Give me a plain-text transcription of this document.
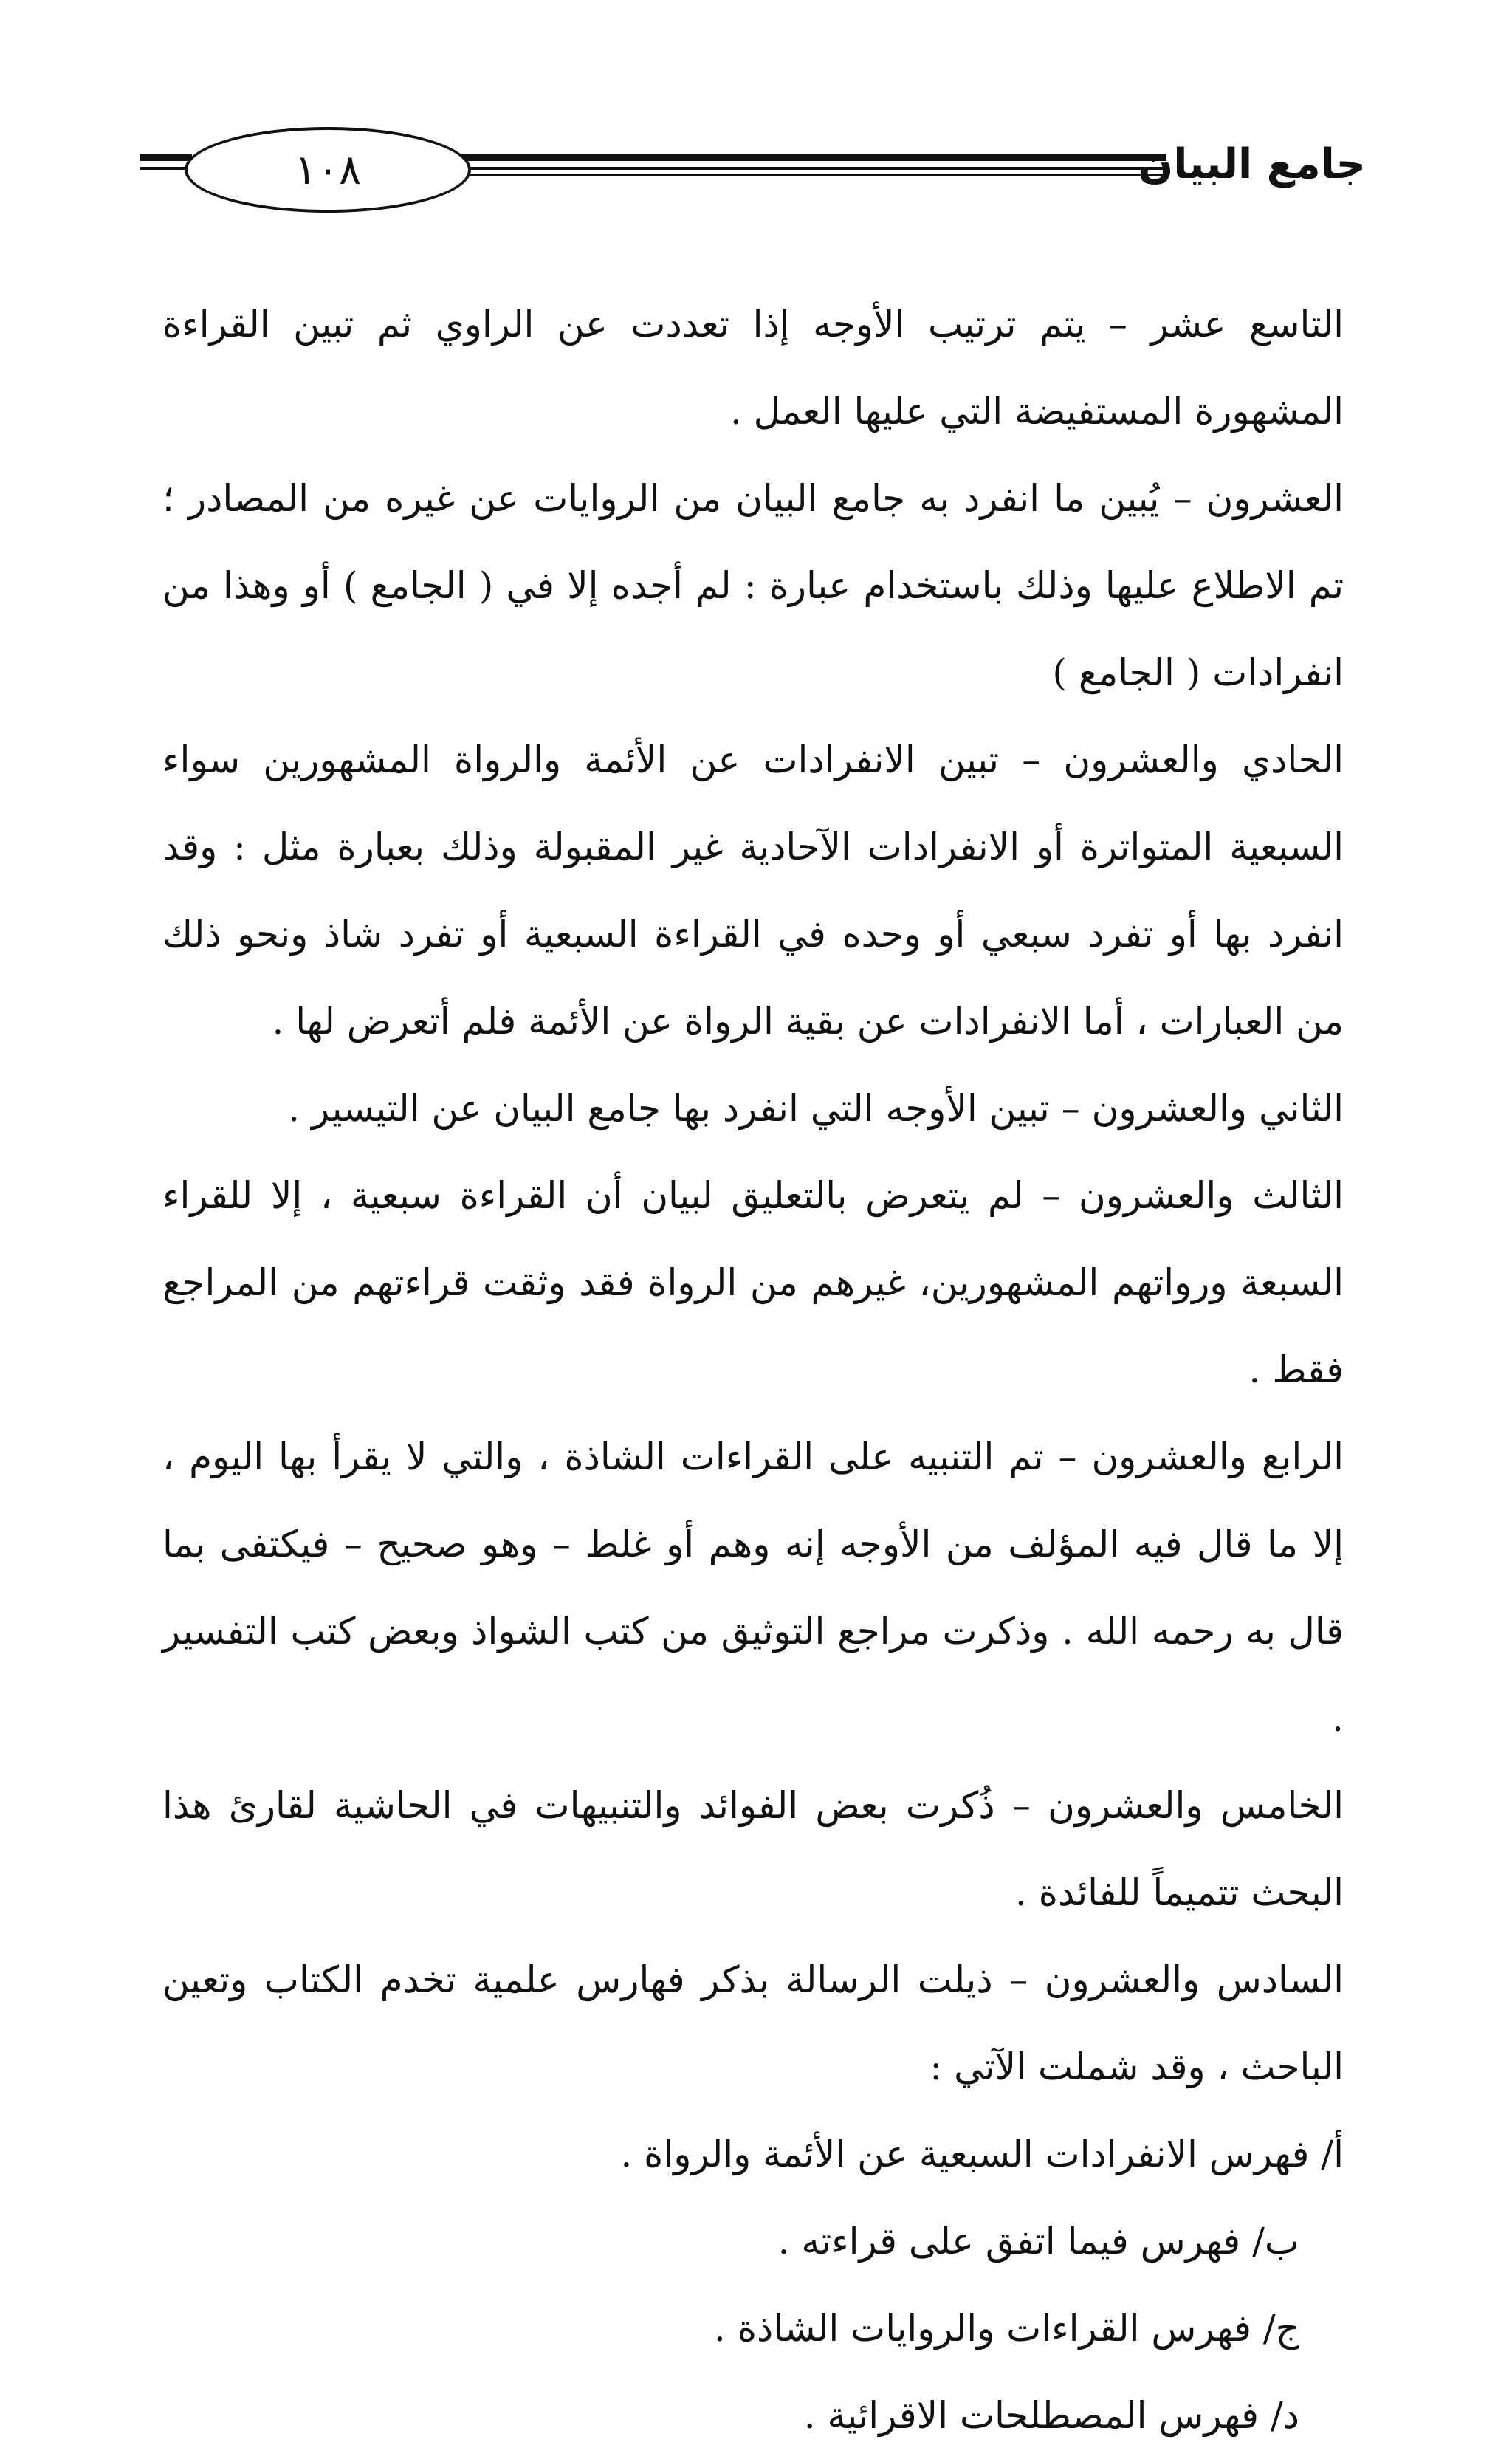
١٠٨	جامع البيان

التاسع عشر – يتم ترتيب الأوجه إذا تعددت عن الراوي ثم تبين القراءة المشهورة المستفيضة التي عليها العمل .

العشرون – يُبين ما انفرد به جامع البيان من الروايات عن غيره من المصادر ؛ تم الاطلاع عليها وذلك باستخدام عبارة : لم أجده إلا في ( الجامع ) أو وهذا من انفرادات ( الجامع )

الحادي والعشرون – تبين الانفرادات عن الأئمة والرواة المشهورين سواء السبعية المتواترة أو الانفرادات الآحادية غير المقبولة وذلك بعبارة مثل : وقد انفرد بها أو تفرد سبعي أو وحده في القراءة السبعية أو تفرد شاذ ونحو ذلك من العبارات ، أما الانفرادات عن بقية الرواة عن الأئمة فلم أتعرض لها .

الثاني والعشرون – تبين الأوجه التي انفرد بها جامع البيان عن التيسير .

الثالث والعشرون – لم يتعرض بالتعليق لبيان أن القراءة سبعية ، إلا للقراء السبعة ورواتهم المشهورين، غيرهم من الرواة فقد وثقت قراءتهم من المراجع فقط .

الرابع والعشرون – تم التنبيه على القراءات الشاذة ، والتي لا يقرأ بها اليوم ، إلا ما قال فيه المؤلف من الأوجه إنه وهم أو غلط – وهو صحيح – فيكتفى بما قال به رحمه الله . وذكرت مراجع التوثيق من كتب الشواذ وبعض كتب التفسير .

الخامس والعشرون – ذُكرت بعض الفوائد والتنبيهات في الحاشية لقارئ هذا البحث تتميماً للفائدة .

السادس والعشرون – ذيلت الرسالة بذكر فهارس علمية تخدم الكتاب وتعين الباحث ، وقد شملت الآتي :

أ/ فهرس الانفرادات السبعية عن الأئمة والرواة .
ب/ فهرس فيما اتفق على قراءته .
ج/ فهرس القراءات والروايات الشاذة .
د/ فهرس المصطلحات الاقرائية .
